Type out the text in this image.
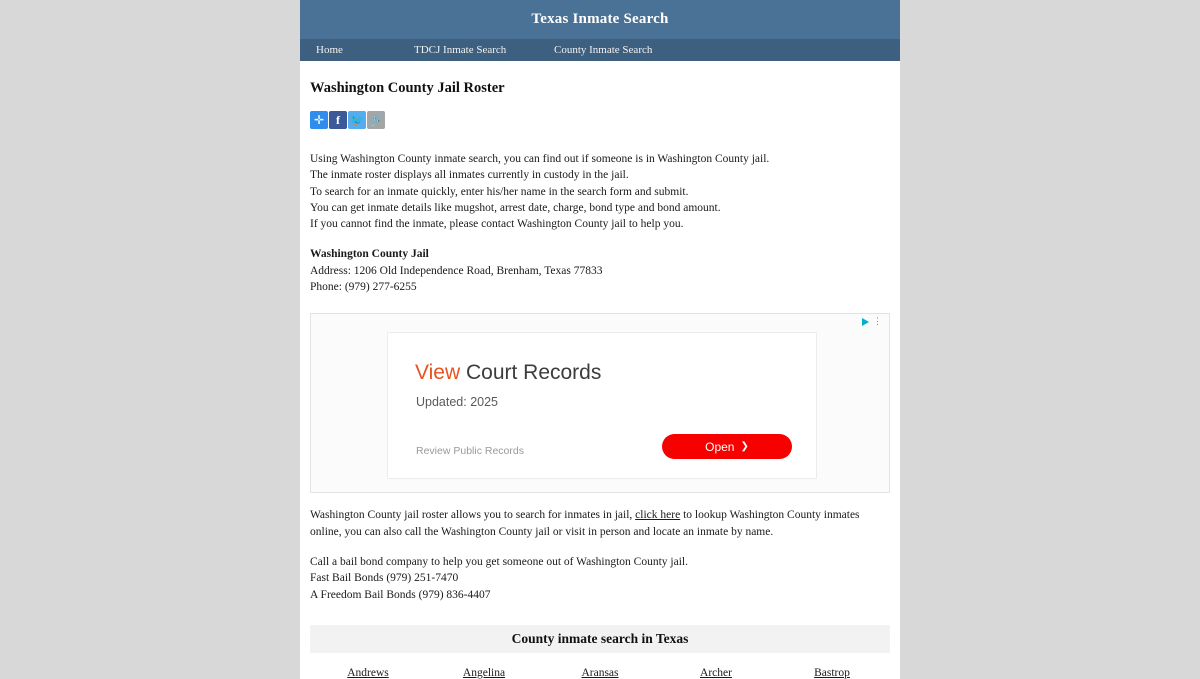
Texas Inmate Search
Home	TDCJ Inmate Search	County Inmate Search
Washington County Jail Roster
✛ f 🐦 🔗

Using Washington County inmate search, you can find out if someone is in Washington County jail.

The inmate roster displays all inmates currently in custody in the jail.

To search for an inmate quickly, enter his/her name in the search form and submit.

You can get inmate details like mugshot, arrest date, charge, bond type and bond amount.

If you cannot find the inmate, please contact Washington County jail to help you.

Washington County Jail

Address: 1206 Old Independence Road, Brenham, Texas 77833

Phone: (979) 277-6255

⋮
View Court Records
Updated: 2025
Review Public Records	Open ❯

Washington County jail roster allows you to search for inmates in jail, click here to lookup Washington County inmates online, you can also call the Washington County jail or visit in person and locate an inmate by name.

Call a bail bond company to help you get someone out of Washington County jail.

Fast Bail Bonds (979) 251-7470

A Freedom Bail Bonds (979) 836-4407

County inmate search in Texas
Andrews	Angelina	Aransas	Archer	Bastrop
